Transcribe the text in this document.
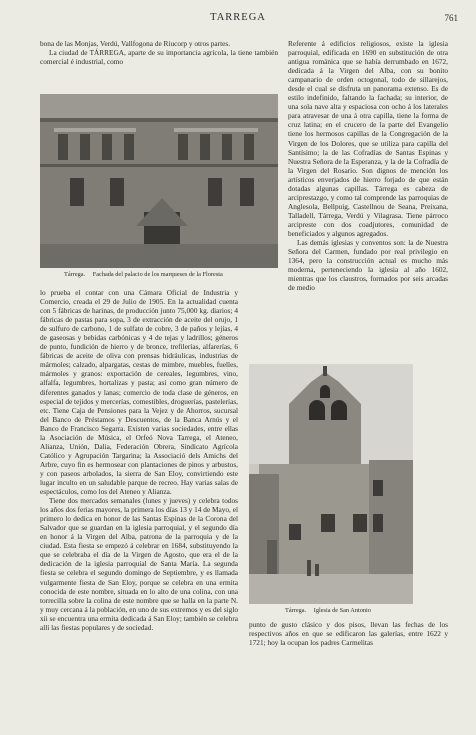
TARREGA	761

bona de las Monjas, Verdú, Vallfogona de Riucorp y otros partes.

La ciudad de TÁRREGA, aparte de su importancia agrícola, la tiene también comercial é industrial, como

Tárrega. Fachada del palacio de los marqueses de la Floresta

Referente á edificios religiosos, existe la iglesia parroquial, edificada en 1690 en substitución de otra antigua románica que se había derrumbado en 1672, dedicada á la Virgen del Alba, con su bonito campanario de orden octogonal, todo de sillarejos, desde el cual se disfruta un panorama extenso. Es de estilo indefinido, faltando la fachada; su interior, de una sola nave alta y espaciosa con ocho á los laterales para atravesar de una á otra capilla, tiene la forma de cruz latina; en el crucero de la parte del Evangelio tiene los hermosos capillas de la Congregación de la Virgen de los Dolores, que se utiliza para capilla del Santísimo; la de las Cofradías de Santas Espinas y Nuestra Señora de la Esperanza, y la de la Cofradía de la Virgen del Rosario. Son dignos de mención los artísticos enverjados de hierro forjado de que están dotadas algunas capillas. Tárrega es cabeza de arciprestazgo, y como tal comprende las parroquias de Anglesola, Bellpuig, Castellnou de Seana, Preixana, Talladell, Tárrega, Verdú y Vilagrasa. Tiene párroco arcipreste con dos coadjutores, comunidad de beneficiados y algunos agregados.

Las demás iglesias y conventos son: la de Nuestra Señora del Carmen, fundado por real privilegio en 1364, pero la construcción actual es mucho más moderna, perteneciendo la iglesia al año 1602, mientras que los claustros, formados por seis arcadas de medio

lo prueba el contar con una Cámara Oficial de Industria y Comercio, creada el 29 de Julio de 1905. En la actualidad cuenta con 5 fábricas de harinas, de producción junto 75,000 kg. diarios; 4 fábricas de pastas para sopa, 3 de extracción de aceite del orujo, 1 de sulfuro de carbono, 1 de sulfato de cobre, 3 de paños y lejías, 4 de gaseosas y bebidas carbónicas y 4 de tejas y ladrillos; géneros de punto, fundición de hierro y de bronce, trefilerías, alfarerías, 6 fábricas de aceite de oliva con prensas hidráulicas, industrias de mármoles; calzado, alpargatas, cestas de mimbre, muebles, fuelles, mármoles y granos: exportación de cereales, legumbres, vino, alfalfa, legumbres, hortalizas y pasta; así como gran número de diferentes ganados y lanas; comercio de toda clase de géneros, en especial de tejidos y mercerías, comestibles, droguerías, pastelerías, etc. Tiene Caja de Pensiones para la Vejez y de Ahorros, sucursal del Banco de Préstamos y Descuentos, de la Banca Arnús y el Banco de Francisco Segarra. Existen varias sociedades, entre ellas la Asociación de Música, el Orfeó Nova Tarrega, el Ateneo, Alianza, Unión, Dalia, Federación Obrera, Sindicato Agrícola Católico y Agrupación Targarina; la Associació dels Amichs del Arbre, cuyo fin es hermosear con plantaciones de pinos y arbustos, y con paseos arbolados, la sierra de San Eloy, convirtiendo este lugar inculto en un saludable parque de recreo. Hay varias salas de espectáculos, como los del Ateneo y Alianza.

Tiene dos mercados semanales (lunes y jueves) y celebra todos los años dos ferias mayores, la primera los días 13 y 14 de Mayo, el primero lo dedica en honor de las Santas Espinas de la Corona del Salvador que se guardan en la iglesia parroquial, y el segundo día en honor á la Virgen del Alba, patrona de la parroquia y de la ciudad. Esta fiesta se empezó á celebrar en 1684, substituyendo la que se celebraba el día de la Virgen de Agosto, que era el de la dedicación de la iglesia parroquial de Santa María. La segunda fiesta se celebra el segundo domingo de Septiembre, y es llamada vulgarmente fiesta de San Eloy, porque se celebra en una ermita conocida de este nombre, situada en lo alto de una colina, con una torrecilla sobre la colina de este nombre que se halla en la parte N. y muy cercana á la población, en uno de sus extremos y es del siglo xii se encuentra una ermita dedicada á San Eloy; también se celebra allí las fiestas populares y de sociedad.

Tárrega. Iglesia de San Antonio

punto de gusto clásico y dos pisos, llevan las fechas de los respectivos años en que se edificaron las galerías, entre 1622 y 1721; hoy la ocupan los padres Carmelitas
